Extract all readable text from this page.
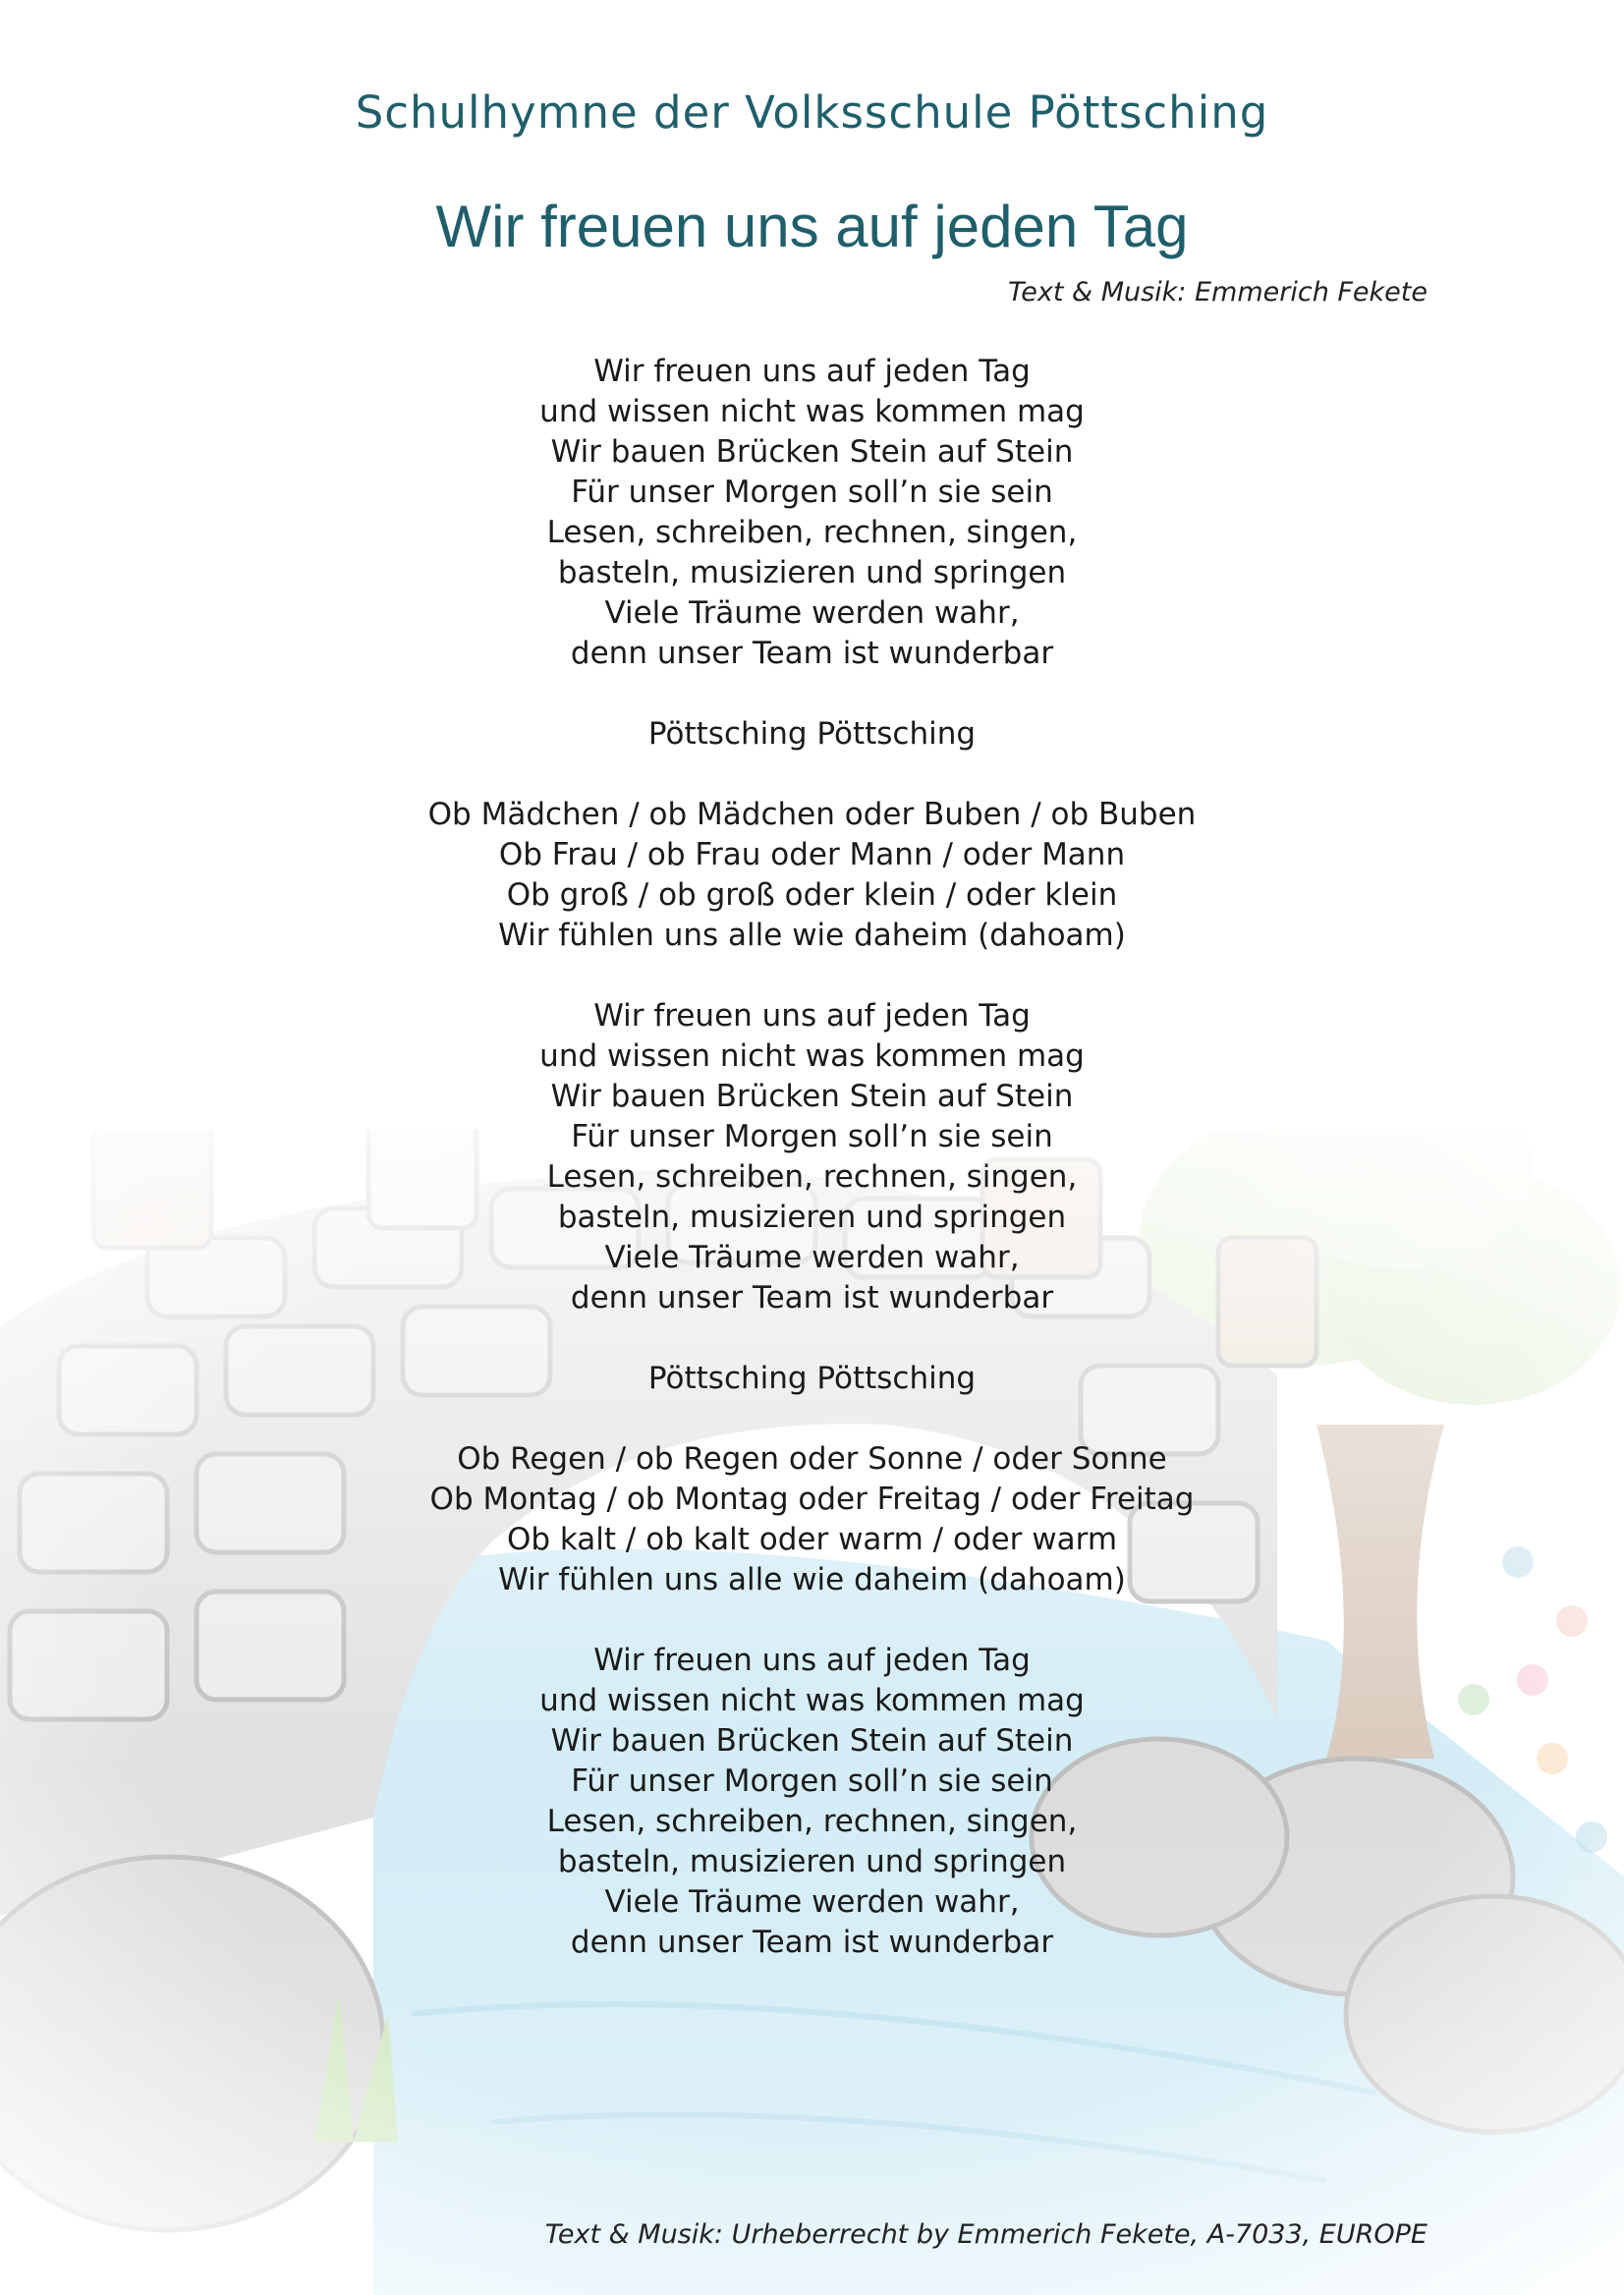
Schulhymne der Volksschule Pöttsching
Wir freuen uns auf jeden Tag
Text & Musik: Emmerich Fekete
Wir freuen uns auf jeden Tag
und wissen nicht was kommen mag
Wir bauen Brücken Stein auf Stein
Für unser Morgen soll’n sie sein
Lesen, schreiben, rechnen, singen,
basteln, musizieren und springen
Viele Träume werden wahr,
denn unser Team ist wunderbar
Pöttsching Pöttsching
Ob Mädchen / ob Mädchen oder Buben / ob Buben
Ob Frau / ob Frau oder Mann / oder Mann
Ob groß / ob groß oder klein / oder klein
Wir fühlen uns alle wie daheim (dahoam)
Wir freuen uns auf jeden Tag
und wissen nicht was kommen mag
Wir bauen Brücken Stein auf Stein
Für unser Morgen soll’n sie sein
Lesen, schreiben, rechnen, singen,
basteln, musizieren und springen
Viele Träume werden wahr,
denn unser Team ist wunderbar
Pöttsching Pöttsching
Ob Regen / ob Regen oder Sonne / oder Sonne
Ob Montag / ob Montag oder Freitag / oder Freitag
Ob kalt / ob kalt oder warm / oder warm
Wir fühlen uns alle wie daheim (dahoam)
Wir freuen uns auf jeden Tag
und wissen nicht was kommen mag
Wir bauen Brücken Stein auf Stein
Für unser Morgen soll’n sie sein
Lesen, schreiben, rechnen, singen,
basteln, musizieren und springen
Viele Träume werden wahr,
denn unser Team ist wunderbar
Text & Musik: Urheberrecht by Emmerich Fekete, A-7033, EUROPE
